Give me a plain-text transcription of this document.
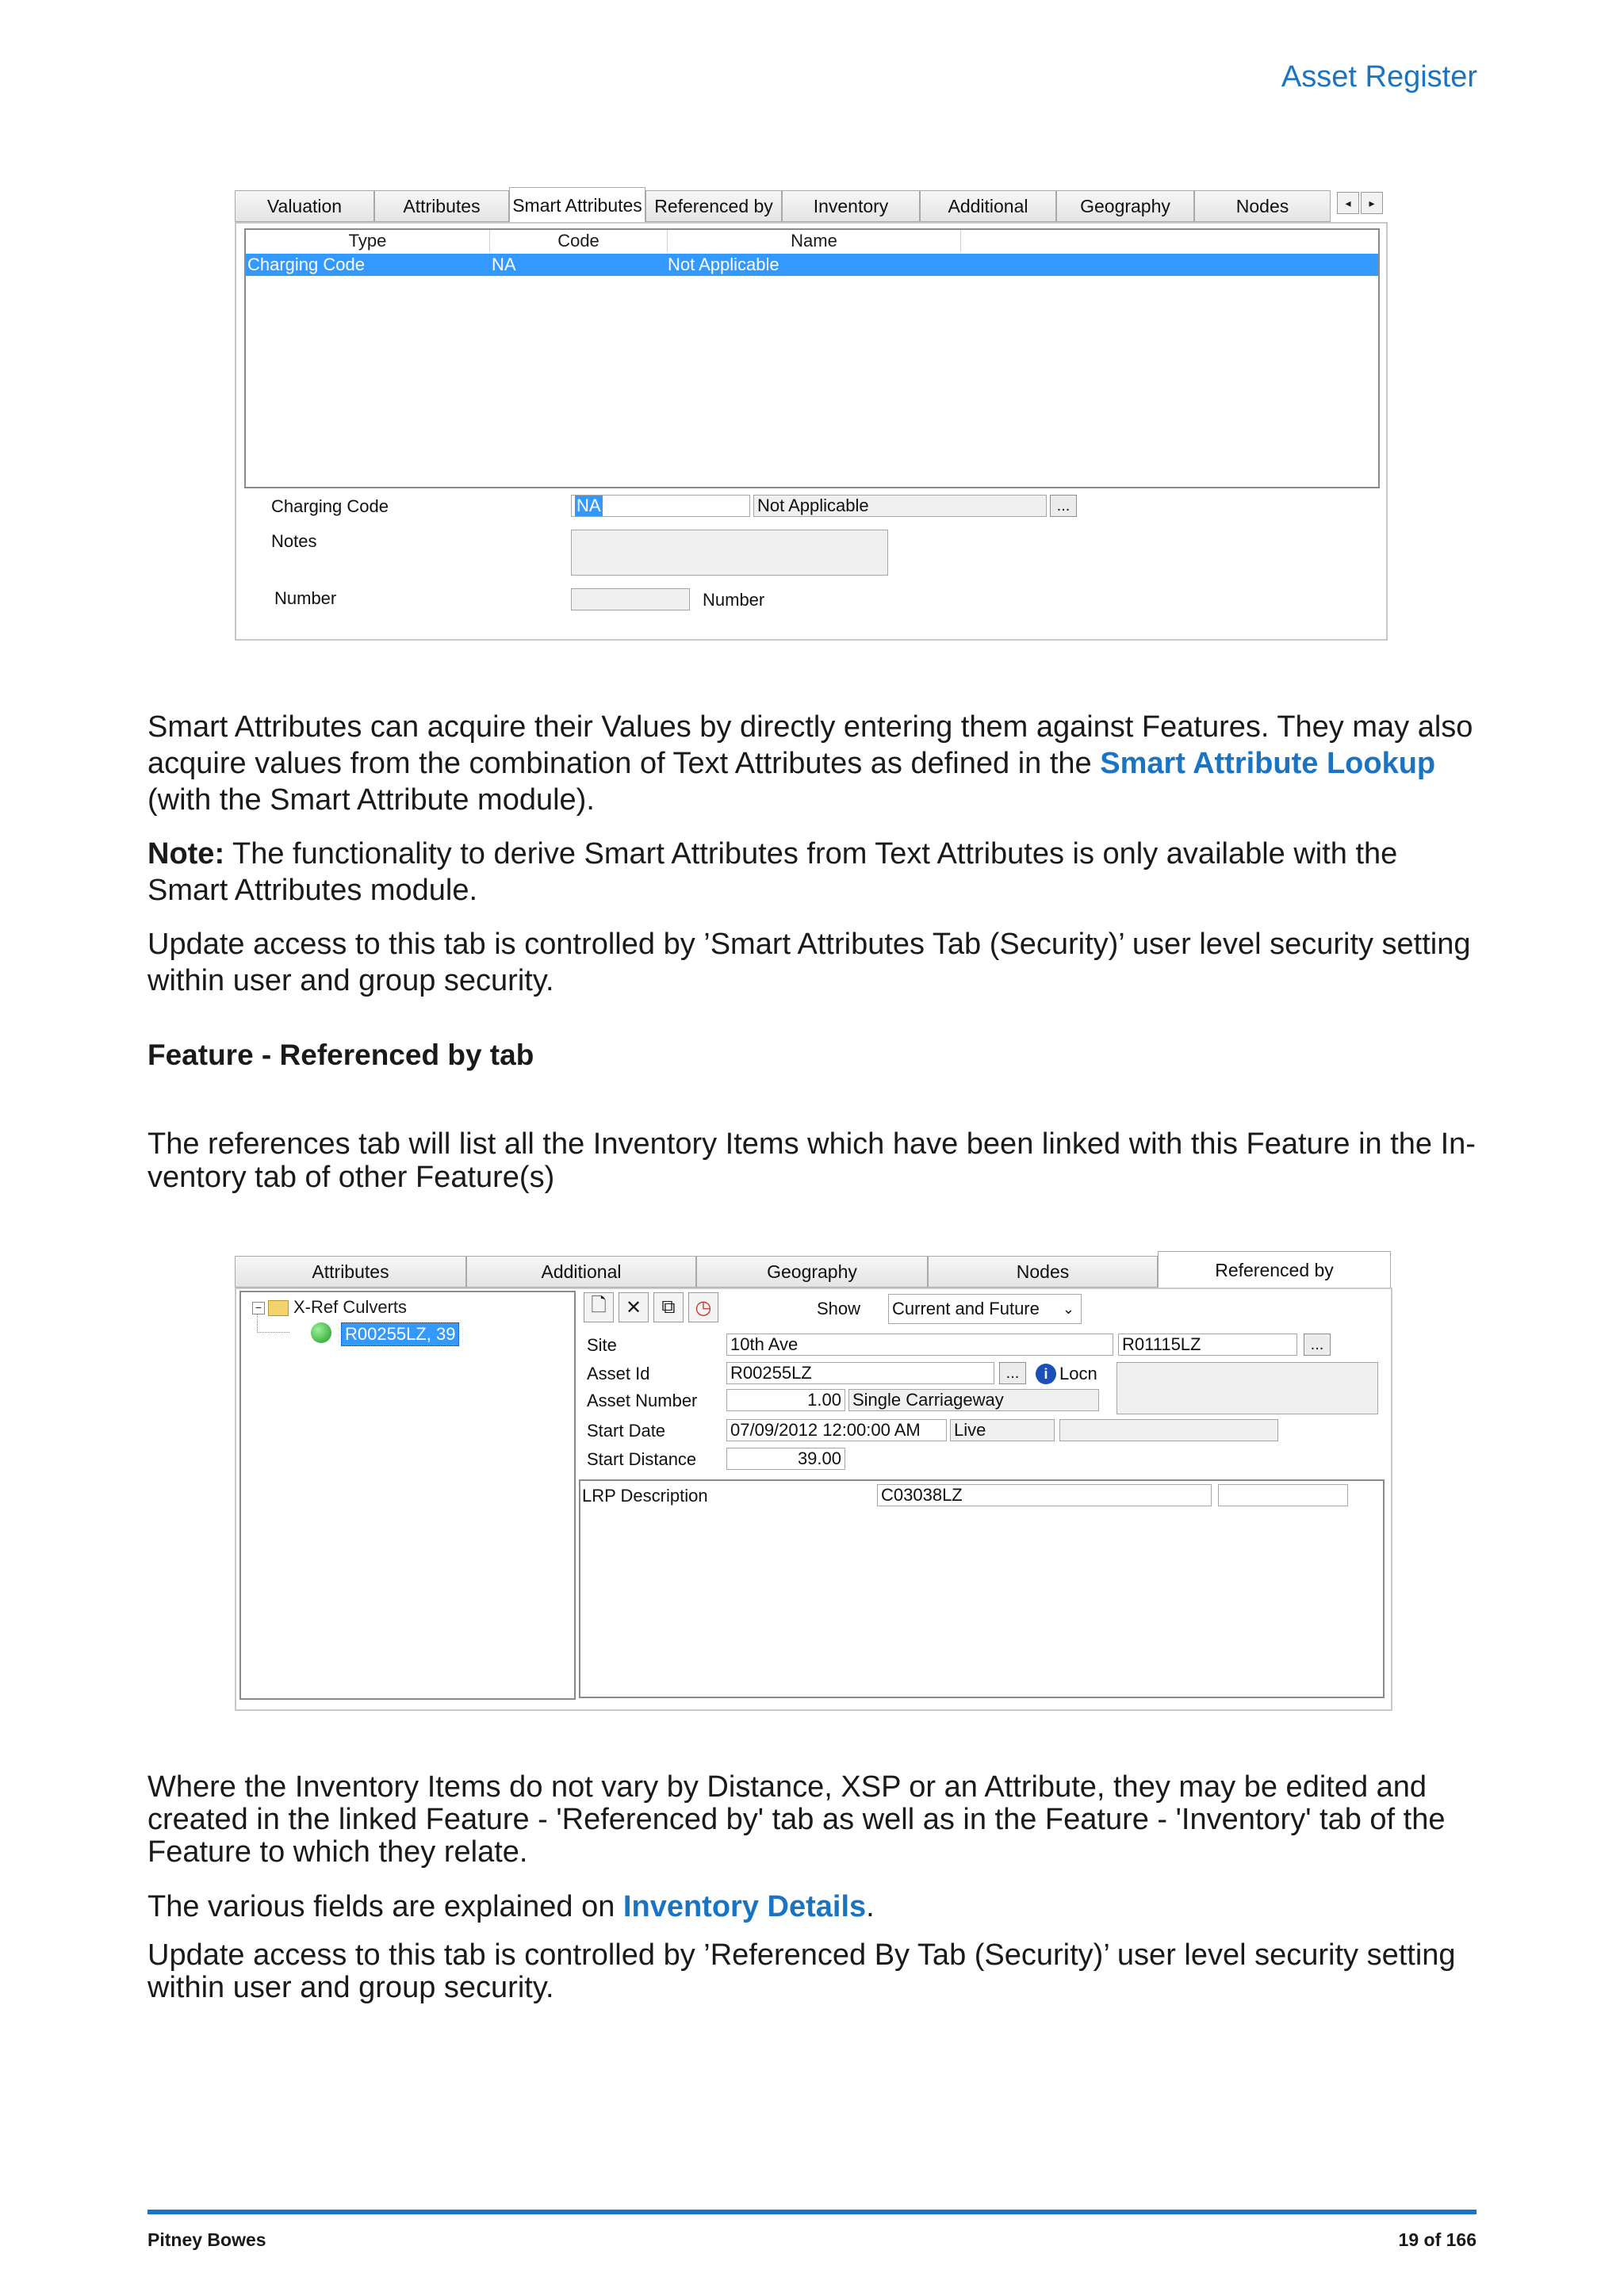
Asset Register
Valuation	Attributes Smart Attributes Referenced by Inventory	Additional	Geography	Nodes	◂	▸
Type	Code	Name
Charging Code	NA	Not Applicable
Charging Code	NA	Not Applicable	...
Notes
Number	Number
Smart Attributes can acquire their Values by directly entering them against Features. They may also acquire values from the combination of Text Attributes as defined in the Smart Attribute Lookup (with the Smart Attribute module).
Note: The functionality to derive Smart Attributes from Text Attributes is only available with the Smart Attributes module.
Update access to this tab is controlled by ’Smart Attributes Tab (Security)’ user level security setting within user and group security.
Feature - Referenced by tab
The references tab will list all the Inventory Items which have been linked with this Feature in the In-ventory tab of other Feature(s)
Attributes	Additional	Geography	Nodes	Referenced by
− X-Ref Culverts
R00255LZ, 39
🗋	✕	⧉	◷	Show Current and Future ⌄
Site	10th Ave	R01115LZ	...
Asset Id	R00255LZ	...	i Locn
Asset Number	1.00 Single Carriageway
Start Date	07/09/2012 12:00:00 AM	Live
Start Distance	39.00
LRP Description	C03038LZ
Where the Inventory Items do not vary by Distance, XSP or an Attribute, they may be edited and created in the linked Feature - 'Referenced by' tab as well as in the Feature - 'Inventory' tab of the Feature to which they relate.
The various fields are explained on Inventory Details.
Update access to this tab is controlled by ’Referenced By Tab (Security)’ user level security setting within user and group security.
Pitney Bowes	19 of 166
